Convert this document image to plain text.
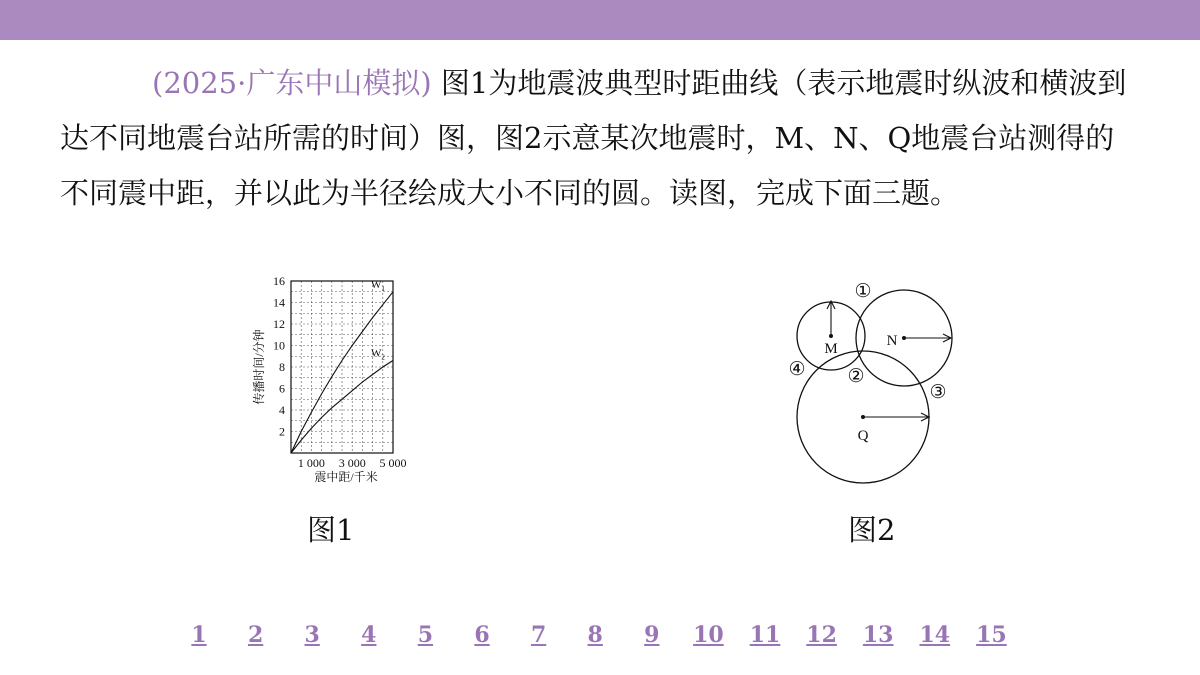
(2025·广东中山模拟) 图1为地震波典型时距曲线（表示地震时纵波和横波到达不同地震台站所需的时间）图，图2示意某次地震时，M、N、Q地震台站测得的不同震中距，并以此为半径绘成大小不同的圆。读图，完成下面三题。

2
4
6
8
10
12
14
16
1 000 3 000 5 000
震中距/千米
传播时间/分钟
$W_1$
$W_2$
M	N
Q
①
②
③
④
图1	图2
1 2 3 4 5 6 7 8 9 10 11 12 13 14 15
